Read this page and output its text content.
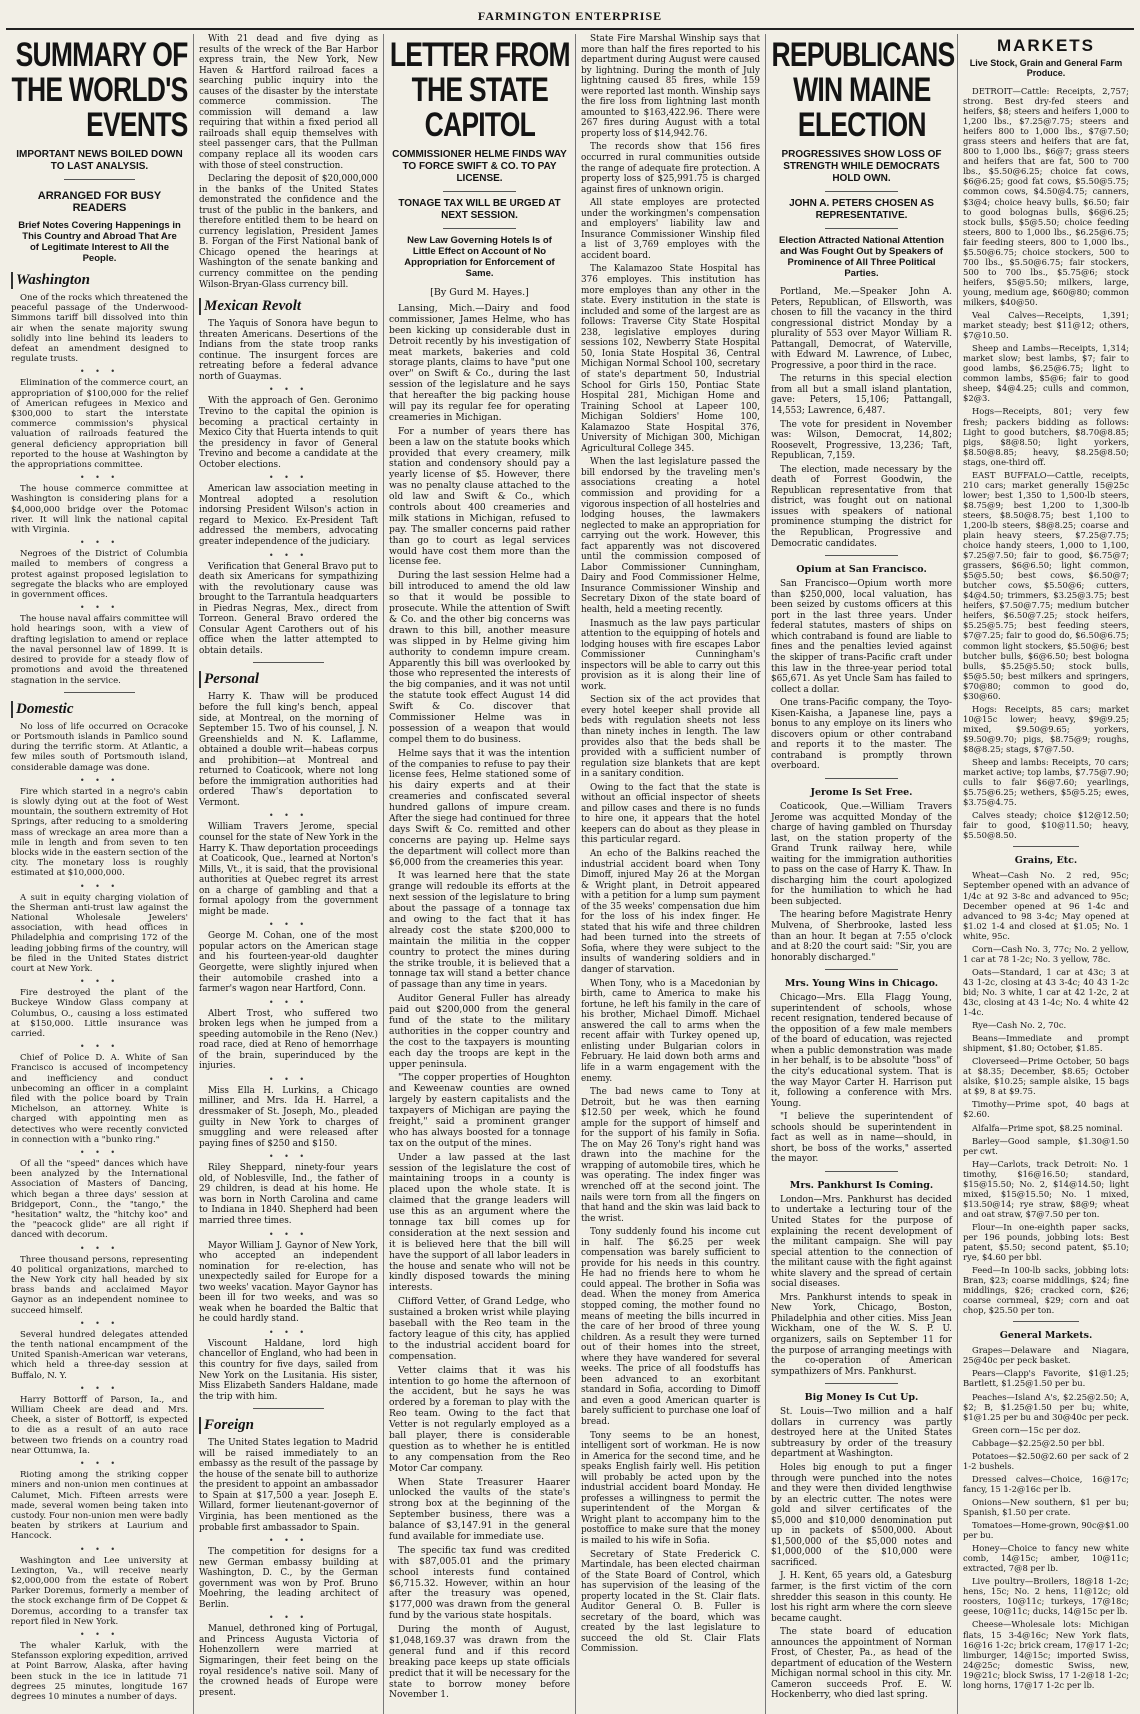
FARMINGTON ENTERPRISE
SUMMARY OF THE WORLD'S EVENTS
IMPORTANT NEWS BOILED DOWN TO LAST ANALYSIS.
ARRANGED FOR BUSY READERS
Brief Notes Covering Happenings in This Country and Abroad That Are of Legitimate Interest to All the People.
Washington

One of the rocks which threatened the peaceful passage of the Underwood-Simmons tariff bill dissolved into thin air when the senate majority swung solidly into line behind its leaders to defeat an amendment designed to regulate trusts.

• • •

Elimination of the commerce court, an appropriation of $100,000 for the relief of American refugees in Mexico and $300,000 to start the interstate commerce commission's physical valuation of railroads featured the general deficiency appropriation bill reported to the house at Washington by the appropriations committee.

• • •

The house commerce committee at Washington is considering plans for a $4,000,000 bridge over the Potomac river. It will link the national capital with Virginia.

• • •

Negroes of the District of Columbia mailed to members of congress a protest against proposed legislation to segregate the blacks who are employed in government offices.

• • •

The house naval affairs committee will hold hearings soon, with a view of drafting legislation to amend or replace the naval personnel law of 1899. It is desired to provide for a steady flow of promotions and avoid the threatened stagnation in the service.

Domestic

No loss of life occurred on Ocracoke or Portsmouth islands in Pamlico sound during the terrific storm. At Atlantic, a few miles south of Portsmouth island, considerable damage was done.

• • •

Fire which started in a negro's cabin is slowly dying out at the foot of West mountain, the southern extremity of Hot Springs, after reducing to a smoldering mass of wreckage an area more than a mile in length and from seven to ten blocks wide in the eastern section of the city. The monetary loss is roughly estimated at $10,000,000.

• • •

A suit in equity charging violation of the Sherman anti-trust law against the National Wholesale Jewelers' association, with head offices in Philadelphia and comprising 172 of the leading jobbing firms of the country, will be filed in the United States district court at New York.

• • •

Fire destroyed the plant of the Buckeye Window Glass company at Columbus, O., causing a loss estimated at $150,000. Little insurance was carried.

• • •

Chief of Police D. A. White of San Francisco is accused of incompetency and inefficiency and conduct unbecoming an officer in a complaint filed with the police board by Train Michelson, an attorney. White is charged with appointing men as detectives who were recently convicted in connection with a "bunko ring."

• • •

Of all the "speed" dances which have been analyzed by the International Association of Masters of Dancing, which began a three days' session at Bridgeport, Conn., the "tango," the "hesitation" waltz, the "hitchy koo" and the "peacock glide" are all right if danced with decorum.

• • •

Three thousand persons, representing 40 political organizations, marched to the New York city hall headed by six brass bands and acclaimed Mayor Gaynor as an independent nominee to succeed himself.

• • •

Several hundred delegates attended the tenth national encampment of the United Spanish-American war veterans, which held a three-day session at Buffalo, N. Y.

• • •

Harry Bottorff of Parson, Ia., and William Cheek are dead and Mrs. Cheek, a sister of Bottorff, is expected to die as a result of an auto race between two friends on a country road near Ottumwa, Ia.

• • •

Rioting among the striking copper miners and non-union men continues at Calumet, Mich. Fifteen arrests were made, several women being taken into custody. Four non-union men were badly beaten by strikers at Laurium and Hancock.

• • •

Washington and Lee university at Lexington, Va., will receive nearly $2,000,000 from the estate of Robert Parker Doremus, formerly a member of the stock exchange firm of De Coppet & Doremus, according to a transfer tax report filed in New York.

• • •

The whaler Karluk, with the Stefansson exploring expedition, arrived at Point Barrow, Alaska, after having been stuck in the ice in latitude 71 degrees 25 minutes, longitude 167 degrees 10 minutes a number of days.

With 21 dead and five dying as results of the wreck of the Bar Harbor express train, the New York, New Haven & Hartford railroad faces a searching public inquiry into the causes of the disaster by the interstate commerce commission. The commission will demand a law requiring that within a fixed period all railroads shall equip themselves with steel passenger cars, that the Pullman company replace all its wooden cars with those of steel construction.

Declaring the deposit of $20,000,000 in the banks of the United States demonstrated the confidence and the trust of the public in the bankers, and therefore entitled them to be heard on currency legislation, President James B. Forgan of the First National bank of Chicago opened the hearings at Washington of the senate banking and currency committee on the pending Wilson-Bryan-Glass currency bill.

Mexican Revolt

The Yaquis of Sonora have begun to threaten Americans. Desertions of the Indians from the state troop ranks continue. The insurgent forces are retreating before a federal advance north of Guaymas.

• • •

With the approach of Gen. Geronimo Trevino to the capital the opinion is becoming a practical certainty in Mexico City that Huerta intends to quit the presidency in favor of General Trevino and become a candidate at the October elections.

• • •

American law association meeting in Montreal adopted a resolution indorsing President Wilson's action in regard to Mexico. Ex-President Taft addressed the members, advocating greater independence of the judiciary.

• • •

Verification that General Bravo put to death six Americans for sympathizing with the revolutionary cause was brought to the Tarrantula headquarters in Piedras Negras, Mex., direct from Torreon. General Bravo ordered the Consular Agent Carothers out of his office when the latter attempted to obtain details.

Personal

Harry K. Thaw will be produced before the full king's bench, appeal side, at Montreal, on the morning of September 15. Two of his counsel, J. N. Greenshields and N. K. Laflamme, obtained a double writ—habeas corpus and prohibition—at Montreal and returned to Coaticook, where not long before the immigration authorities had ordered Thaw's deportation to Vermont.

• • •

William Travers Jerome, special counsel for the state of New York in the Harry K. Thaw deportation proceedings at Coaticook, Que., learned at Norton's Mills, Vt., it is said, that the provisional authorities at Quebec regret its arrest on a charge of gambling and that a formal apology from the government might be made.

• • •

George M. Cohan, one of the most popular actors on the American stage and his fourteen-year-old daughter Georgette, were slightly injured when their automobile crashed into a farmer's wagon near Hartford, Conn.

• • •

Albert Trost, who suffered two broken legs when he jumped from a speeding automobile in the Reno (Nev.) road race, died at Reno of hemorrhage of the brain, superinduced by the injuries.

• • •

Miss Ella H. Lurkins, a Chicago milliner, and Mrs. Ida H. Harrel, a dressmaker of St. Joseph, Mo., pleaded guilty in New York to charges of smuggling and were released after paying fines of $250 and $150.

• • •

Riley Sheppard, ninety-four years old, of Noblesville, Ind., the father of 29 children, is dead at his home. He was born in North Carolina and came to Indiana in 1840. Shepherd had been married three times.

• • •

Mayor William J. Gaynor of New York, who accepted an independent nomination for re-election, has unexpectedly sailed for Europe for a two weeks' vacation. Mayor Gaynor has been ill for two weeks, and was so weak when he boarded the Baltic that he could hardly stand.

• • •

Viscount Haldane, lord high chancellor of England, who had been in this country for five days, sailed from New York on the Lusitania. His sister, Miss Elizabeth Sanders Haldane, made the trip with him.

Foreign

The United States legation to Madrid will be raised immediately to an embassy as the result of the passage by the house of the senate bill to authorize the president to appoint an ambassador to Spain at $17,500 a year. Joseph E. Willard, former lieutenant-governor of Virginia, has been mentioned as the probable first ambassador to Spain.

• • •

The competition for designs for a new German embassy building at Washington, D. C., by the German government was won by Prof. Bruno Moehring, the leading architect of Berlin.

• • •

Manuel, dethroned king of Portugal, and Princess Augusta Victoria of Hohenzollern were married at Sigmaringen, their feet being on the royal residence's native soil. Many of the crowned heads of Europe were present.

LETTER FROM THE STATE CAPITOL
COMMISSIONER HELME FINDS WAY TO FORCE SWIFT & CO. TO PAY LICENSE.
TONAGE TAX WILL BE URGED AT NEXT SESSION.
New Law Governing Hotels Is of Little Effect on Account of No Appropriation for Enforcement of Same.
[By Gurd M. Hayes.]

Lansing, Mich.—Dairy and food commissioner, James Helme, who has been kicking up considerable dust in Detroit recently by his investigation of meat markets, bakeries and cold storage plants, claims to have "put one over" on Swift & Co., during the last session of the legislature and he says that hereafter the big packing house will pay its regular fee for operating creameries in Michigan.

For a number of years there has been a law on the statute books which provided that every creamery, milk station and condensory should pay a yearly license of $5. However, there was no penalty clause attached to the old law and Swift & Co., which controls about 400 creameries and milk stations in Michigan, refused to pay. The smaller concerns paid rather than go to court as legal services would have cost them more than the license fee.

During the last session Helme had a bill introduced to amend the old law so that it would be possible to prosecute. While the attention of Swift & Co. and the other big concerns was drawn to this bill, another measure was slipped in by Helme giving him authority to condemn impure cream. Apparently this bill was overlooked by those who represented the interests of the big companies, and it was not until the statute took effect August 14 did Swift & Co. discover that Commissioner Helme was in possession of a weapon that would compel them to do business.

Helme says that it was the intention of the companies to refuse to pay their license fees, Helme stationed some of his dairy experts and at their creameries and confiscated several hundred gallons of impure cream. After the siege had continued for three days Swift & Co. remitted and other concerns are paying up. Helme says the department will collect more than $6,000 from the creameries this year.

It was learned here that the state grange will redouble its efforts at the next session of the legislature to bring about the passage of a tonnage tax and owing to the fact that it has already cost the state $200,000 to maintain the militia in the copper country to protect the mines during the strike trouble, it is believed that a tonnage tax will stand a better chance of passage than any time in years.

Auditor General Fuller has already paid out $200,000 from the general fund of the state to the military authorities in the copper country and the cost to the taxpayers is mounting each day the troops are kept in the upper peninsula.

"The copper properties of Houghton and Keweenaw counties are owned largely by eastern capitalists and the taxpayers of Michigan are paying the freight," said a prominent granger who has always boosted for a tonnage tax on the output of the mines.

Under a law passed at the last session of the legislature the cost of maintaining troops in a county is placed upon the whole state. It is claimed that the grange leaders will use this as an argument where the tonnage tax bill comes up for consideration at the next session and it is believed here that the bill will have the support of all labor leaders in the house and senate who will not be kindly disposed towards the mining interests.

Clifford Vetter, of Grand Ledge, who sustained a broken wrist while playing baseball with the Reo team in the factory league of this city, has applied to the industrial accident board for compensation.

Vetter claims that it was his intention to go home the afternoon of the accident, but he says he was ordered by a foreman to play with the Reo team. Owing to the fact that Vetter is not regularly employed as a ball player, there is considerable question as to whether he is entitled to any compensation from the Reo Motor Car company.

When State Treasurer Haarer unlocked the vaults of the state's strong box at the beginning of the September business, there was a balance of $3,147.91 in the general fund available for immediate use.

The specific tax fund was credited with $87,005.01 and the primary school interests fund contained $6,715.32. However, within an hour after the treasury was opened, $177,000 was drawn from the general fund by the various state hospitals.

During the month of August, $1,048,169.37 was drawn from the general fund and if this record breaking pace keeps up state officials predict that it will be necessary for the state to borrow money before November 1.

State Fire Marshal Winship says that more than half the fires reported to his department during August were caused by lightning. During the month of July lightning caused 85 fires, while 159 were reported last month. Winship says the fire loss from lightning last month amounted to $163,422.96. There were 267 fires during August with a total property loss of $14,942.76.

The records show that 156 fires occurred in rural communities outside the range of adequate fire protection. A property loss of $25,991.75 is charged against fires of unknown origin.

All state employes are protected under the workingmen's compensation and employers' liability law and Insurance Commissioner Winship filed a list of 3,769 employes with the accident board.

The Kalamazoo State Hospital has 376 employes. This institution has more employes than any other in the state. Every institution in the state is included and some of the largest are as follows: Traverse City State Hospital 238, legislative employes during sessions 102, Newberry State Hospital 50, Ionia State Hospital 36, Central Michigan Normal School 100, secretary of state's department 50, Industrial School for Girls 150, Pontiac State Hospital 281, Michigan Home and Training School at Lapeer 100, Michigan Soldiers' Home 100, Kalamazoo State Hospital 376, University of Michigan 300, Michigan Agricultural College 345.

When the last legislature passed the bill endorsed by the traveling men's associations creating a hotel commission and providing for a vigorous inspection of all hostelries and lodging houses, the lawmakers neglected to make an appropriation for carrying out the work. However, this fact apparently was not discovered until the commission composed of Labor Commissioner Cunningham, Dairy and Food Commissioner Helme, Insurance Commissioner Winship and Secretary Dixon of the state board of health, held a meeting recently.

Inasmuch as the law pays particular attention to the equipping of hotels and lodging houses with fire escapes Labor Commissioner Cunningham's inspectors will be able to carry out this provision as it is along their line of work.

Section six of the act provides that every hotel keeper shall provide all beds with regulation sheets not less than ninety inches in length. The law provides also that the beds shall be provided with a sufficient number of regulation size blankets that are kept in a sanitary condition.

Owing to the fact that the state is without an official inspector of sheets and pillow cases and there is no funds to hire one, it appears that the hotel keepers can do about as they please in this particular regard.

An echo of the Balkins reached the industrial accident board when Tony Dimoff, injured May 26 at the Morgan & Wright plant, in Detroit appeared with a petition for a lump sum payment of the 35 weeks' compensation due him for the loss of his index finger. He stated that his wife and three children had been turned into the streets of Sofia, where they were subject to the insults of wandering soldiers and in danger of starvation.

When Tony, who is a Macedonian by birth, came to America to make his fortune, he left his family in the care of his brother, Michael Dimoff. Michael answered the call to arms when the recent affair with Turkey opened up, enlisting under Bulgarian colors in February. He laid down both arms and life in a warm engagement with the enemy.

The bad news came to Tony at Detroit, but he was then earning $12.50 per week, which he found ample for the support of himself and for the support of his family in Sofia. The on May 26 Tony's right hand was drawn into the machine for the wrapping of automobile tires, which he was operating. The index finger was wrenched off at the second joint. The nails were torn from all the fingers on that hand and the skin was laid back to the wrist.

Tony suddenly found his income cut in half. The $6.25 per week compensation was barely sufficient to provide for his needs in this country. He had no friends here to whom he could appeal. The brother in Sofia was dead. When the money from America stopped coming, the mother found no means of meeting the bills incurred in the care of her brood of three young children. As a result they were turned out of their homes into the street, where they have wandered for several weeks. The price of all foodstuffs has been advanced to an exorbitant standard in Sofia, according to Dimoff and even a good American quarter is barely sufficient to purchase one loaf of bread.

Tony seems to be an honest, intelligent sort of workman. He is now in America for the second time, and he speaks English fairly well. His petition will probably be acted upon by the industrial accident board Monday. He professes a willingness to permit the superintendent of the Morgan & Wright plant to accompany him to the postoffice to make sure that the money is mailed to his wife in Sofia.

Secretary of State Frederick C. Martindale, has been elected chairman of the State Board of Control, which has supervision of the leasing of the property located in the St. Clair flats. Auditor General O. B. Fuller is secretary of the board, which was created by the last legislature to succeed the old St. Clair Flats Commission.

REPUBLICANS WIN MAINE ELECTION
PROGRESSIVES SHOW LOSS OF STRENGTH WHILE DEMOCRATS HOLD OWN.
JOHN A. PETERS CHOSEN AS REPRESENTATIVE.
Election Attracted National Attention and Was Fought Out by Speakers of Prominence of All Three Political Parties.

Portland, Me.—Speaker John A. Peters, Republican, of Ellsworth, was chosen to fill the vacancy in the third congressional district Monday by a plurality of 553 over Mayor William R. Pattangall, Democrat, of Waterville, with Edward M. Lawrence, of Lubec, Progressive, a poor third in the race.

The returns in this special election from all but a small island plantation, gave: Peters, 15,106; Pattangall, 14,553; Lawrence, 6,487.

The vote for president in November was: Wilson, Democrat, 14,802; Roosevelt, Progressive, 13,236; Taft, Republican, 7,159.

The election, made necessary by the death of Forrest Goodwin, the Republican representative from that district, was fought out on national issues with speakers of national prominence stumping the district for the Republican, Progressive and Democratic candidates.

Opium at San Francisco.

San Francisco—Opium worth more than $250,000, local valuation, has been seized by customs officers at this port in the last three years. Under federal statutes, masters of ships on which contraband is found are liable to fines and the penalties levied against the skipper of trans-Pacific craft under this law in the three-year period total $65,671. As yet Uncle Sam has failed to collect a dollar.

One trans-Pacific company, the Toyo-Kisen-Kaisha, a Japanese line, pays a bonus to any employe on its liners who discovers opium or other contraband and reports it to the master. The contraband is promptly thrown overboard.

Jerome Is Set Free.

Coaticook, Que.—William Travers Jerome was acquitted Monday of the charge of having gambled on Thursday last, on the station property of the Grand Trunk railway here, while waiting for the immigration authorities to pass on the case of Harry K. Thaw. In discharging him the court apologized for the humiliation to which he had been subjected.

The hearing before Magistrate Henry Mulvena, of Sherbrooke, lasted less than an hour. It began at 7:55 o'clock and at 8:20 the court said: "Sir, you are honorably discharged."

Mrs. Young Wins in Chicago.

Chicago—Mrs. Ella Flagg Young, superintendent of schools, whose recent resignation, tendered because of the opposition of a few male members of the board of education, was rejected when a public demonstration was made in her behalf, is to be absolute "boss" of the city's educational system. That is the way Mayor Carter H. Harrison put it, following a conference with Mrs. Young.

"I believe the superintendent of schools should be superintendent in fact as well as in name—should, in short, be boss of the works," asserted the mayor.

Mrs. Pankhurst Is Coming.

London—Mrs. Pankhurst has decided to undertake a lecturing tour of the United States for the purpose of explaining the recent development of the militant campaign. She will pay special attention to the connection of the militant cause with the fight against white slavery and the spread of certain social diseases.

Mrs. Pankhurst intends to speak in New York, Chicago, Boston, Philadelphia and other cities. Miss Jean Wickham, one of the W. S. P. U. organizers, sails on September 11 for the purpose of arranging meetings with the co-operation of American sympathizers of Mrs. Pankhurst.

Big Money Is Cut Up.

St. Louis—Two million and a half dollars in currency was partly destroyed here at the United States subtreasury by order of the treasury department at Washington.

Holes big enough to put a finger through were punched into the notes and they were then divided lengthwise by an electric cutter. The notes were gold and silver certificates of the $5,000 and $10,000 denomination put up in packets of $500,000. About $1,500,000 of the $5,000 notes and $1,000,000 of the $10,000 were sacrificed.

J. H. Kent, 65 years old, a Gatesburg farmer, is the first victim of the corn shredder this season in this county. He lost his right arm where the corn sleeve became caught.

The state board of education announces the appointment of Norman Frost, of Chester, Pa., as head of the department of education of the Western Michigan normal school in this city. Mr. Cameron succeeds Prof. E. W. Hockenberry, who died last spring.

MARKETS
Live Stock, Grain and General Farm Produce.

DETROIT—Cattle: Receipts, 2,757; strong. Best dry-fed steers and heifers, $8; steers and heifers 1,000 to 1,200 lbs., $7.25@7.75; steers and heifers 800 to 1,000 lbs., $7@7.50; grass steers and heifers that are fat, 800 to 1,000 lbs., $6@7; grass steers and heifers that are fat, 500 to 700 lbs., $5.50@6.25; choice fat cows, $6@6.25; good fat cows, $5.50@5.75; common cows, $4.50@4.75; canners, $3@4; choice heavy bulls, $6.50; fair to good bolognas bulls, $6@6.25; stock bulls, $5@5.50; choice feeding steers, 800 to 1,000 lbs., $6.25@6.75; fair feeding steers, 800 to 1,000 lbs., $5.50@6.75; choice stockers, 500 to 700 lbs., $5.50@6.75; fair stockers, 500 to 700 lbs., $5.75@6; stock heifers, $5@5.50; milkers, large, young, medium age, $60@80; common milkers, $40@50.

Veal Calves—Receipts, 1,391; market steady; best $11@12; others, $7@10.50.

Sheep and Lambs—Receipts, 1,314; market slow; best lambs, $7; fair to good lambs, $6.25@6.75; light to common lambs, $5@6; fair to good sheep, $4@4.25; culls and common, $2@3.

Hogs—Receipts, 801; very few fresh; packers bidding as follows: Light to good butchers, $8.70@8.85; pigs, $8@8.50; light yorkers, $8.50@8.85; heavy, $8.25@8.50; stags, one-third off.

EAST BUFFALO—Cattle, receipts, 210 cars; market generally 15@25c lower; best 1,350 to 1,500-lb steers, $8.75@9; best 1,200 to 1,300-lb steers, $8.50@8.75; best 1,100 to 1,200-lb steers, $8@8.25; coarse and plain heavy steers, $7.25@7.75; choice handy steers, 1,000 to 1,100, $7.25@7.50; fair to good, $6.75@7; grassers, $6@6.50; light common, $5@5.50; best cows, $6.50@7; butcher cows, $5.50@6; cutters, $4@4.50; trimmers, $3.25@3.75; best heifers, $7.50@7.75; medium butcher heifers, $6.50@7.25; stock heifers, $5.25@5.75; best feeding steers, $7@7.25; fair to good do, $6.50@6.75; common light stockers, $5.50@6; best butcher bulls, $6@6.50; best bologna bulls, $5.25@5.50; stock bulls, $5@5.50; best milkers and springers, $70@80; common to good do, $30@60.

Hogs: Receipts, 85 cars; market 10@15c lower; heavy, $9@9.25; mixed, $9.50@9.65; yorkers, $9.50@9.70; pigs, $8.75@9; roughs, $8@8.25; stags, $7@7.50.

Sheep and lambs: Receipts, 70 cars; market active; top lambs, $7.75@7.90; culls to fair $6@7.60; yearlings, $5.75@6.25; wethers, $5@5.25; ewes, $3.75@4.75.

Calves steady; choice $12@12.50; fair to good, $10@11.50; heavy, $5.50@8.50.

Grains, Etc.

Wheat—Cash No. 2 red, 95c; September opened with an advance of 1/4c at 92 3-8c and advanced to 95c; December opened at 96 1-4c and advanced to 98 3-4c; May opened at $1.02 1-4 and closed at $1.05; No. 1 white, 95c.

Corn—Cash No. 3, 77c; No. 2 yellow, 1 car at 78 1-2c; No. 3 yellow, 78c.

Oats—Standard, 1 car at 43c; 3 at 43 1-2c, closing at 43 3-4c; 40 43 1-2c bid; No. 3 white, 1 car at 42 1-2c, 2 at 43c, closing at 43 1-4c; No. 4 white 42 1-4c.

Rye—Cash No. 2, 70c.

Beans—Immediate and prompt shipment, $1.80; October, $1.85.

Cloverseed—Prime October, 50 bags at $8.35; December, $8.65; October alsike, $10.25; sample alsike, 15 bags at $9, 8 at $9.75.

Timothy—Prime spot, 40 bags at $2.60.

Alfalfa—Prime spot, $8.25 nominal.

Barley—Good sample, $1.30@1.50 per cwt.

Hay—Carlots, track Detroit: No. 1 timothy, $16@16.50; standard, $15@15.50; No. 2, $14@14.50; light mixed, $15@15.50; No. 1 mixed, $13.50@14; rye straw, $8@9; wheat and oat straw, $7@7.50 per ton.

Flour—In one-eighth paper sacks, per 196 pounds, jobbing lots: Best patent, $5.50; second patent, $5.10; rye, $4.60 per bbl.

Feed—In 100-lb sacks, jobbing lots: Bran, $23; coarse middlings, $24; fine middlings, $26; cracked corn, $26; coarse cornmeal, $29; corn and oat chop, $25.50 per ton.

General Markets.

Grapes—Delaware and Niagara, 25@40c per peck basket.

Pears—Clapp's Favorite, $1@1.25; Bartlett, $1.25@1.50 per bu.

Peaches—Island A's, $2.25@2.50; A, $2; B, $1.25@1.50 per bu; white, $1@1.25 per bu and 30@40c per peck.

Green corn—15c per doz.

Cabbage—$2.25@2.50 per bbl.

Potatoes—$2.50@2.60 per sack of 2 1-2 bushels.

Dressed calves—Choice, 16@17c; fancy, 15 1-2@16c per lb.

Onions—New southern, $1 per bu; Spanish, $1.50 per crate.

Tomatoes—Home-grown, 90c@$1.00 per bu.

Honey—Choice to fancy new white comb, 14@15c; amber, 10@11c; extracted, 7@8 per lb.

Live poultry—Broilers, 18@18 1-2c; hens, 15c; No. 2 hens, 11@12c; old roosters, 10@11c; turkeys, 17@18c; geese, 10@11c; ducks, 14@15c per lb.

Cheese—Wholesale lots: Michigan flats, 15 3-4@16c; New York flats, 16@16 1-2c; brick cream, 17@17 1-2c; limburger, 14@15c; imported Swiss, 24@25c; domestic Swiss, new, 19@21c; block Swiss, 17 1-2@18 1-2c; long horns, 17@17 1-2c per lb.
